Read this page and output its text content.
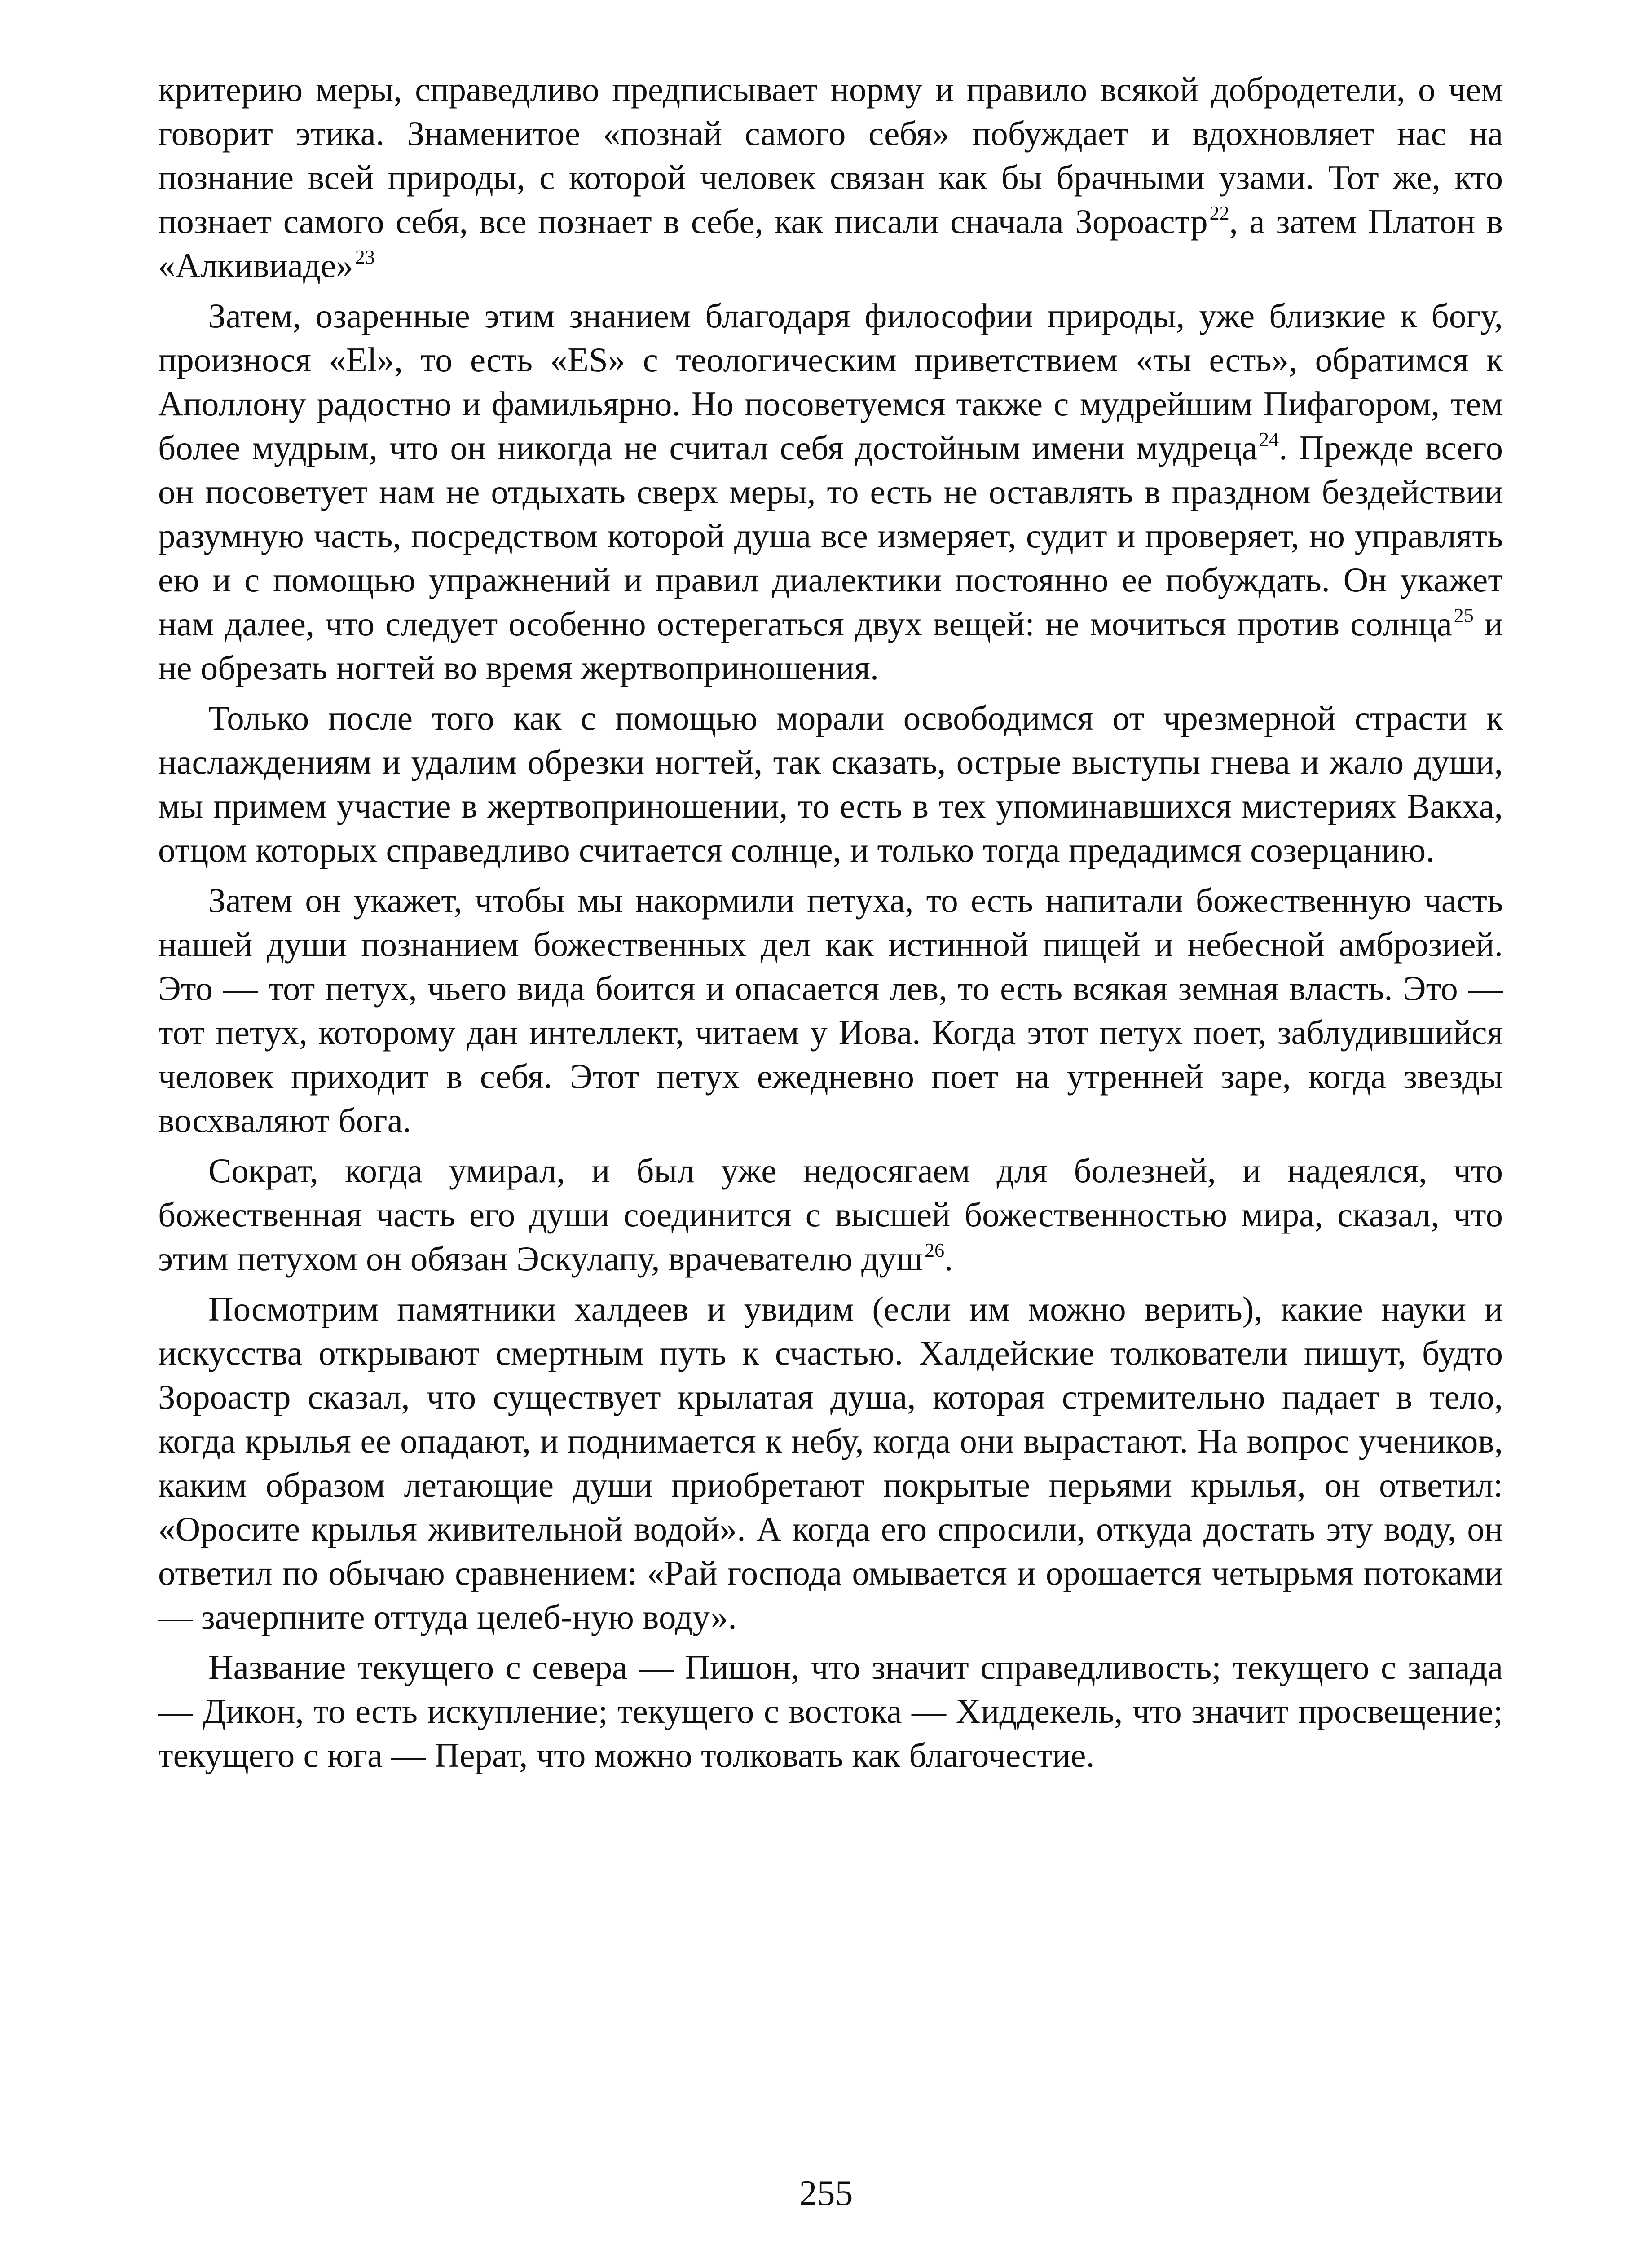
критерию меры, справедливо предписывает норму и правило всякой добродетели, о чем говорит этика. Знаменитое «познай самого себя» побуждает и вдохновляет нас на познание всей природы, с которой человек связан как бы брачными узами. Тот же, кто познает самого себя, все познает в себе, как писали сначала Зороастр$^{22}$, а затем Платон в «Алкивиаде»$^{23}$

Затем, озаренные этим знанием благодаря философии природы, уже близкие к богу, произнося «El», то есть «ES» с теологическим приветствием «ты есть», обратимся к Аполлону радостно и фамильярно. Но посоветуемся также с мудрейшим Пифагором, тем более мудрым, что он никогда не считал себя достойным имени мудреца$^{24}$. Прежде всего он посоветует нам не отдыхать сверх меры, то есть не оставлять в праздном бездействии разумную часть, посредством которой душа все измеряет, судит и проверяет, но управлять ею и с помощью упражнений и правил диалектики постоянно ее побуждать. Он укажет нам далее, что следует особенно остерегаться двух вещей: не мочиться против солнца$^{25}$ и не обрезать ногтей во время жертвоприношения.

Только после того как с помощью морали освободимся от чрезмерной страсти к наслаждениям и удалим обрезки ногтей, так сказать, острые выступы гнева и жало души, мы примем участие в жертвоприношении, то есть в тех упоминавшихся мистериях Вакха, отцом которых справедливо считается солнце, и только тогда предадимся созерцанию.

Затем он укажет, чтобы мы накормили петуха, то есть напитали божественную часть нашей души познанием божественных дел как истинной пищей и небесной амброзией. Это — тот петух, чьего вида боится и опасается лев, то есть всякая земная власть. Это — тот петух, которому дан интеллект, читаем у Иова. Когда этот петух поет, заблудившийся человек приходит в себя. Этот петух ежедневно поет на утренней заре, когда звезды восхваляют бога.

Сократ, когда умирал, и был уже недосягаем для болезней, и надеялся, что божественная часть его души соединится с высшей божественностью мира, сказал, что этим петухом он обязан Эскулапу, врачевателю душ$^{26}$.

Посмотрим памятники халдеев и увидим (если им можно верить), какие науки и искусства открывают смертным путь к счастью. Халдейские толкователи пишут, будто Зороастр сказал, что существует крылатая душа, которая стремительно падает в тело, когда крылья ее опадают, и поднимается к небу, когда они вырастают. На вопрос учеников, каким образом летающие души приобретают покрытые перьями крылья, он ответил: «Оросите крылья живительной водой». А когда его спросили, откуда достать эту воду, он ответил по обычаю сравнением: «Рай господа омывается и орошается четырьмя потоками — зачерпните оттуда целеб-ную воду».

Название текущего с севера — Пишон, что значит справедливость; текущего с запада — Дикон, то есть искупление; текущего с востока — Хиддекель, что значит просвещение; текущего с юга — Перат, что можно толковать как благочестие.

255
